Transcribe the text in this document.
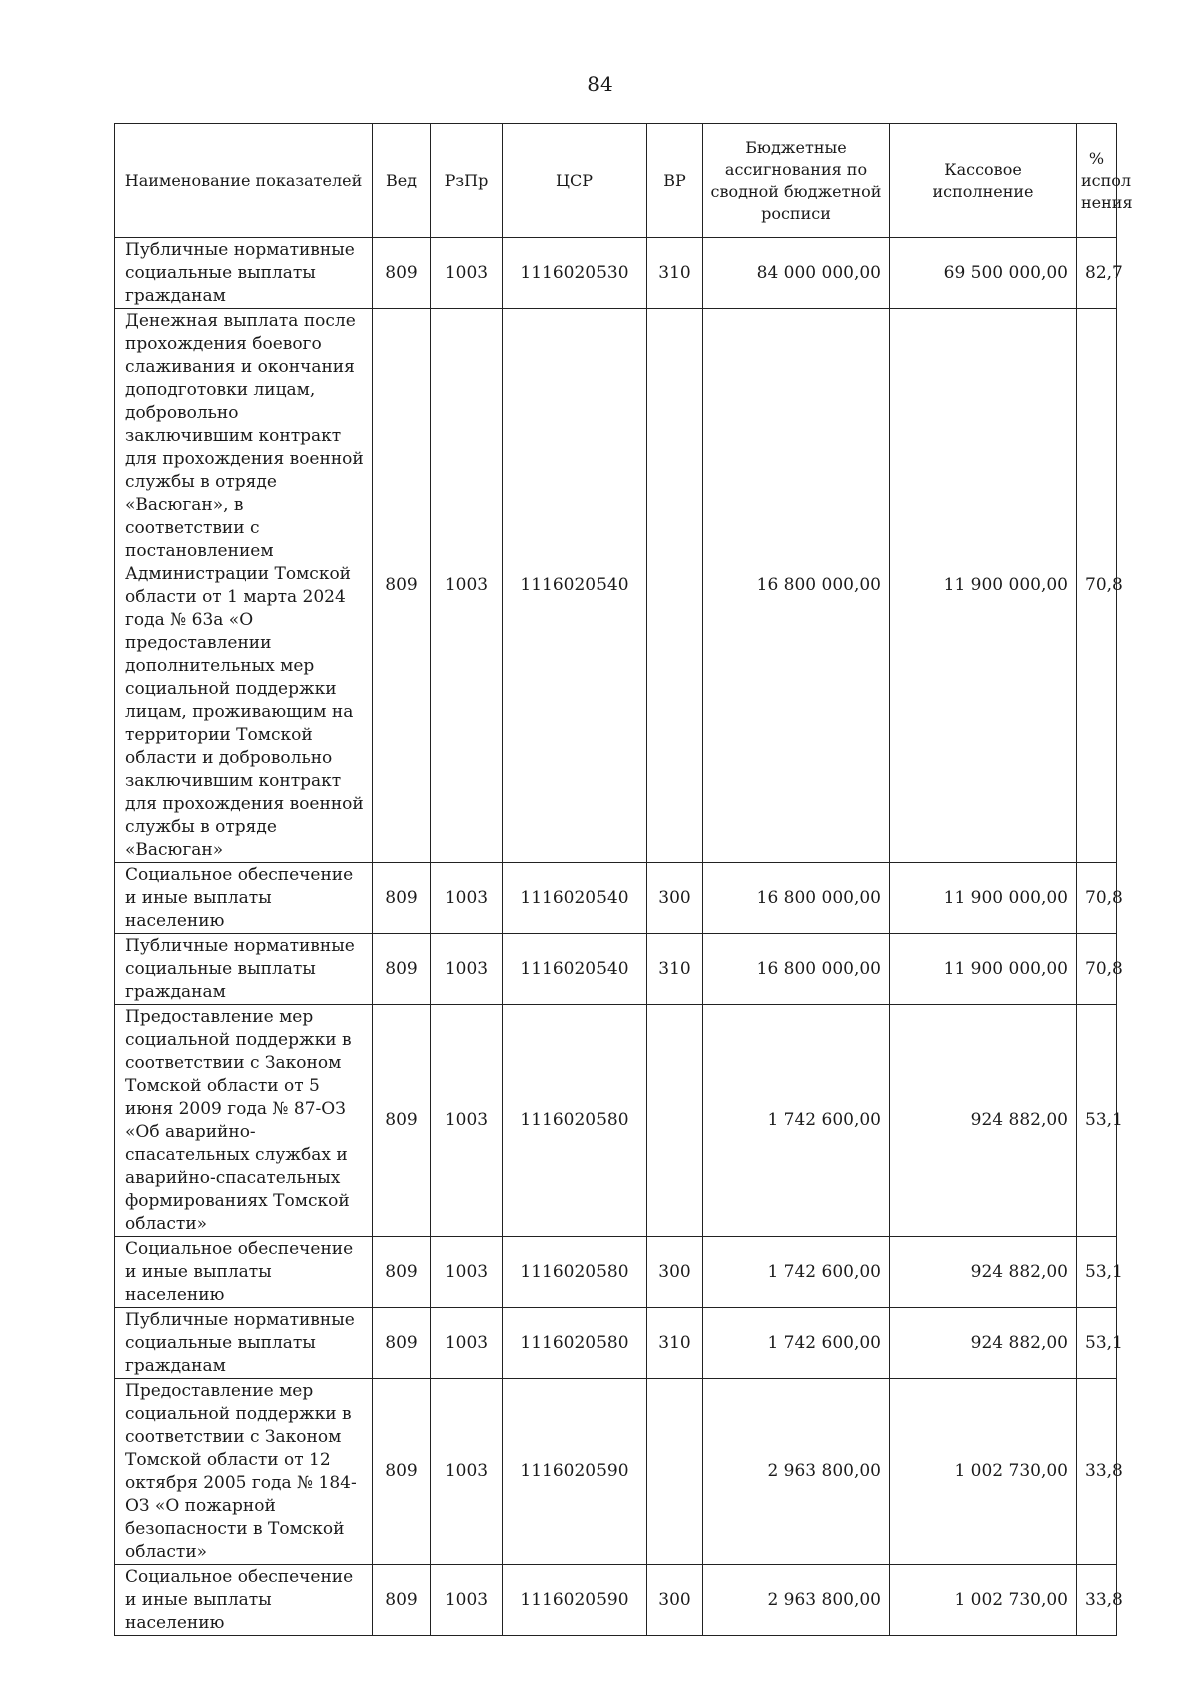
84
Наименование показателей	Вед	РзПр	ЦСР	ВР	Бюджетные ассигнования по сводной бюджетной росписи	Кассовое исполнение	% испол нения
Публичные нормативные социальные выплаты гражданам	809	1003	1116020530	310	84 000 000,00	69 500 000,00	82,7
Денежная выплата после прохождения боевого слаживания и окончания доподготовки лицам, добровольно заключившим контракт для прохождения военной службы в отряде «Васюган», в соответствии с постановлением Администрации Томской области от 1 марта 2024 года № 63а «О предоставлении дополнительных мер социальной поддержки лицам, проживающим на территории Томской области и добровольно заключившим контракт для прохождения военной службы в отряде «Васюган»	809	1003	1116020540		16 800 000,00	11 900 000,00	70,8
Социальное обеспечение и иные выплаты населению	809	1003	1116020540	300	16 800 000,00	11 900 000,00	70,8
Публичные нормативные социальные выплаты гражданам	809	1003	1116020540	310	16 800 000,00	11 900 000,00	70,8
Предоставление мер социальной поддержки в соответствии с Законом Томской области от 5 июня 2009 года № 87-ОЗ «Об аварийно-спасательных службах и аварийно-спасательных формированиях Томской области»	809	1003	1116020580		1 742 600,00	924 882,00	53,1
Социальное обеспечение и иные выплаты населению	809	1003	1116020580	300	1 742 600,00	924 882,00	53,1
Публичные нормативные социальные выплаты гражданам	809	1003	1116020580	310	1 742 600,00	924 882,00	53,1
Предоставление мер социальной поддержки в соответствии с Законом Томской области от 12 октября 2005 года № 184-ОЗ «О пожарной безопасности в Томской области»	809	1003	1116020590		2 963 800,00	1 002 730,00	33,8
Социальное обеспечение и иные выплаты населению	809	1003	1116020590	300	2 963 800,00	1 002 730,00	33,8
